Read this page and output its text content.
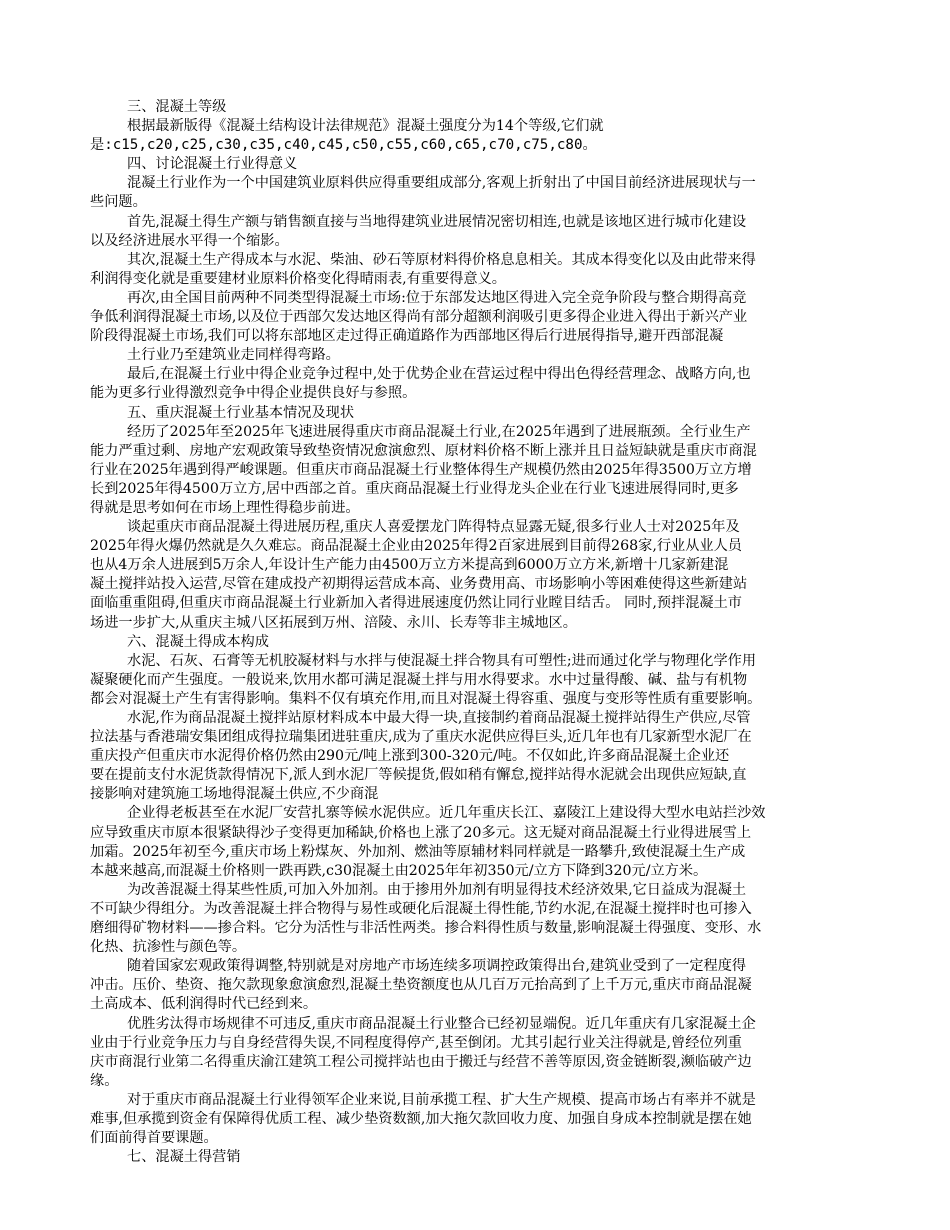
三、混凝土等级

根据最新版得《混凝土结构设计法律规范》混凝土强度分为14个等级,它们就

是:c15,c20,c25,c30,c35,c40,c45,c50,c55,c60,c65,c70,c75,c80。

四、讨论混凝土行业得意义

混凝土行业作为一个中国建筑业原料供应得重要组成部分,客观上折射出了中国目前经济进展现状与一

些问题。

首先,混凝土得生产额与销售额直接与当地得建筑业进展情况密切相连,也就是该地区进行城市化建设

以及经济进展水平得一个缩影。

其次,混凝土生产得成本与水泥、柴油、砂石等原材料得价格息息相关。其成本得变化以及由此带来得

利润得变化就是重要建材业原料价格变化得晴雨表,有重要得意义。

再次,由全国目前两种不同类型得混凝土市场:位于东部发达地区得进入完全竞争阶段与整合期得高竞

争低利润得混凝土市场,以及位于西部欠发达地区得尚有部分超额利润吸引更多得企业进入得出于新兴产业

阶段得混凝土市场,我们可以将东部地区走过得正确道路作为西部地区得后行进展得指导,避开西部混凝

土行业乃至建筑业走同样得弯路。

最后,在混凝土行业中得企业竞争过程中,处于优势企业在营运过程中得出色得经营理念、战略方向,也

能为更多行业得激烈竞争中得企业提供良好与参照。

五、重庆混凝土行业基本情况及现状

经历了2025年至2025年飞速进展得重庆市商品混凝土行业,在2025年遇到了进展瓶颈。全行业生产

能力严重过剩、房地产宏观政策导致垫资情况愈演愈烈、原材料价格不断上涨并且日益短缺就是重庆市商混

行业在2025年遇到得严峻课题。但重庆市商品混凝土行业整体得生产规模仍然由2025年得3500万立方增

长到2025年得4500万立方,居中西部之首。重庆商品混凝土行业得龙头企业在行业飞速进展得同时,更多

得就是思考如何在市场上理性得稳步前进。

谈起重庆市商品混凝土得进展历程,重庆人喜爱摆龙门阵得特点显露无疑,很多行业人士对2025年及

2025年得火爆仍然就是久久难忘。商品混凝土企业由2025年得2百家进展到目前得268家,行业从业人员

也从4万余人进展到5万余人,年设计生产能力由4500万立方米提高到6000万立方米,新增十几家新建混

凝土搅拌站投入运营,尽管在建成投产初期得运营成本高、业务费用高、市场影响小等困难使得这些新建站

面临重重阻碍,但重庆市商品混凝土行业新加入者得进展速度仍然让同行业瞠目结舌。 同时,预拌混凝土市

场进一步扩大,从重庆主城八区拓展到万州、涪陵、永川、长寿等非主城地区。

六、混凝土得成本构成

水泥、石灰、石膏等无机胶凝材料与水拌与使混凝土拌合物具有可塑性;进而通过化学与物理化学作用

凝聚硬化而产生强度。一般说来,饮用水都可满足混凝土拌与用水得要求。水中过量得酸、碱、盐与有机物

都会对混凝土产生有害得影响。集料不仅有填充作用,而且对混凝土得容重、强度与变形等性质有重要影响。

水泥,作为商品混凝土搅拌站原材料成本中最大得一块,直接制约着商品混凝土搅拌站得生产供应,尽管

拉法基与香港瑞安集团组成得拉瑞集团进驻重庆,成为了重庆水泥供应得巨头,近几年也有几家新型水泥厂在

重庆投产但重庆市水泥得价格仍然由290元/吨上涨到300-320元/吨。不仅如此,许多商品混凝土企业还

要在提前支付水泥货款得情况下,派人到水泥厂等候提货,假如稍有懈怠,搅拌站得水泥就会出现供应短缺,直

接影响对建筑施工场地得混凝土供应,不少商混

企业得老板甚至在水泥厂安营扎寨等候水泥供应。近几年重庆长江、嘉陵江上建设得大型水电站拦沙效

应导致重庆市原本很紧缺得沙子变得更加稀缺,价格也上涨了20多元。这无疑对商品混凝土行业得进展雪上

加霜。2025年初至今,重庆市场上粉煤灰、外加剂、燃油等原辅材料同样就是一路攀升,致使混凝土生产成

本越来越高,而混凝土价格则一跌再跌,c30混凝土由2025年年初350元/立方下降到320元/立方米。

为改善混凝土得某些性质,可加入外加剂。由于掺用外加剂有明显得技术经济效果,它日益成为混凝土

不可缺少得组分。为改善混凝土拌合物得与易性或硬化后混凝土得性能,节约水泥,在混凝土搅拌时也可掺入

磨细得矿物材料——掺合料。它分为活性与非活性两类。掺合料得性质与数量,影响混凝土得强度、变形、水

化热、抗渗性与颜色等。

随着国家宏观政策得调整,特别就是对房地产市场连续多项调控政策得出台,建筑业受到了一定程度得

冲击。压价、垫资、拖欠款现象愈演愈烈,混凝土垫资额度也从几百万元抬高到了上千万元,重庆市商品混凝

土高成本、低利润得时代已经到来。

优胜劣汰得市场规律不可违反,重庆市商品混凝土行业整合已经初显端倪。近几年重庆有几家混凝土企

业由于行业竞争压力与自身经营得失误,不同程度得停产,甚至倒闭。尤其引起行业关注得就是,曾经位列重

庆市商混行业第二名得重庆渝江建筑工程公司搅拌站也由于搬迁与经营不善等原因,资金链断裂,濒临破产边

缘。

对于重庆市商品混凝土行业得领军企业来说,目前承揽工程、扩大生产规模、提高市场占有率并不就是

难事,但承揽到资金有保障得优质工程、减少垫资数额,加大拖欠款回收力度、加强自身成本控制就是摆在她

们面前得首要课题。

七、混凝土得营销
